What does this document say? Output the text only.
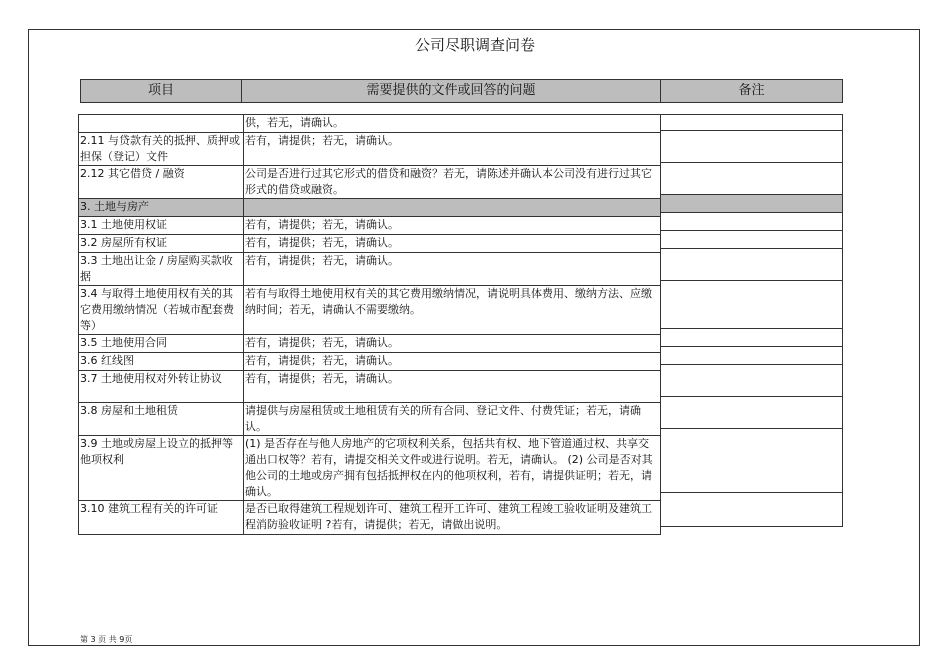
公司尽职调查问卷
项目	需要提供的文件或回答的问题	备注
	供，若无，请确认。
2.11 与贷款有关的抵押、质押或担保（登记）文件	若有，请提供；若无，请确认。
2.12 其它借贷 / 融资	公司是否进行过其它形式的借贷和融资？若无，请陈述并确认本公司没有进行过其它形式的借贷或融资。
3. 土地与房产	
3.1 土地使用权证	若有，请提供；若无，请确认。
3.2 房屋所有权证	若有，请提供；若无，请确认。
3.3 土地出让金 / 房屋购买款收据	若有，请提供；若无，请确认。
3.4 与取得土地使用权有关的其它费用缴纳情况（若城市配套费等）	若有与取得土地使用权有关的其它费用缴纳情况，请说明具体费用、缴纳方法、应缴纳时间；若无，请确认不需要缴纳。
3.5 土地使用合同	若有，请提供；若无，请确认。
3.6 红线图	若有，请提供；若无，请确认。
3.7 土地使用权对外转让协议	若有，请提供；若无，请确认。
3.8 房屋和土地租赁	请提供与房屋租赁或土地租赁有关的所有合同、登记文件、付费凭证；若无，请确认。
3.9 土地或房屋上设立的抵押等他项权利	(1) 是否存在与他人房地产的它项权利关系，包括共有权、地下管道通过权、共享交通出口权等？若有，请提交相关文件或进行说明。若无，请确认。 (2) 公司是否对其他公司的土地或房产拥有包括抵押权在内的他项权利，若有，请提供证明；若无，请确认。
3.10 建筑工程有关的许可证	是否已取得建筑工程规划许可、建筑工程开工许可、建筑工程竣工验收证明及建筑工程消防验收证明 ?若有，请提供；若无，请做出说明。

第 3 页 共 9页
